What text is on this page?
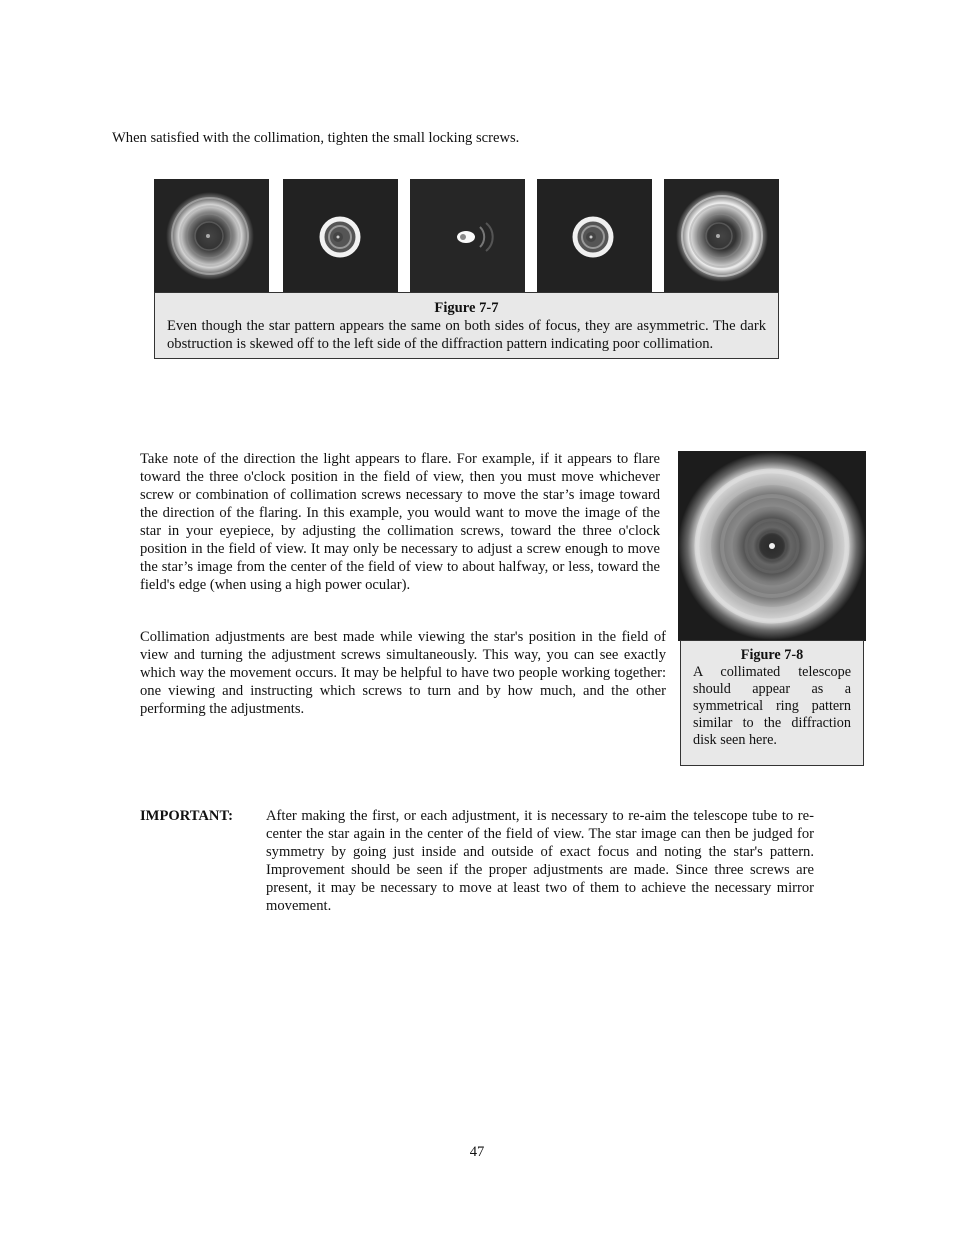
When satisfied with the collimation, tighten the small locking screws.

Figure 7-7
Even though the star pattern appears the same on both sides of focus, they are asymmetric. The dark obstruction is skewed off to the left side of the diffraction pattern indicating poor collimation.

Take note of the direction the light appears to flare. For example, if it appears to flare toward the three o'clock position in the field of view, then you must move whichever screw or combination of collimation screws necessary to move the star’s image toward the direction of the flaring. In this example, you would want to move the image of the star in your eyepiece, by adjusting the collimation screws, toward the three o'clock position in the field of view. It may only be necessary to adjust a screw enough to move the star’s image from the center of the field of view to about halfway, or less, toward the field's edge (when using a high power ocular).

Collimation adjustments are best made while viewing the star's position in the field of view and turning the adjustment screws simultaneously. This way, you can see exactly which way the movement occurs. It may be helpful to have two people working together: one viewing and instructing which screws to turn and by how much, and the other performing the adjustments.

Figure 7-8
A collimated telescope should appear as a symmetrical ring pattern similar to the diffraction disk seen here.
IMPORTANT: After making the first, or each adjustment, it is necessary to re-aim the telescope tube to re-center the star again in the center of the field of view. The star image can then be judged for symmetry by going just inside and outside of exact focus and noting the star's pattern. Improvement should be seen if the proper adjustments are made. Since three screws are present, it may be necessary to move at least two of them to achieve the necessary mirror movement.

47
